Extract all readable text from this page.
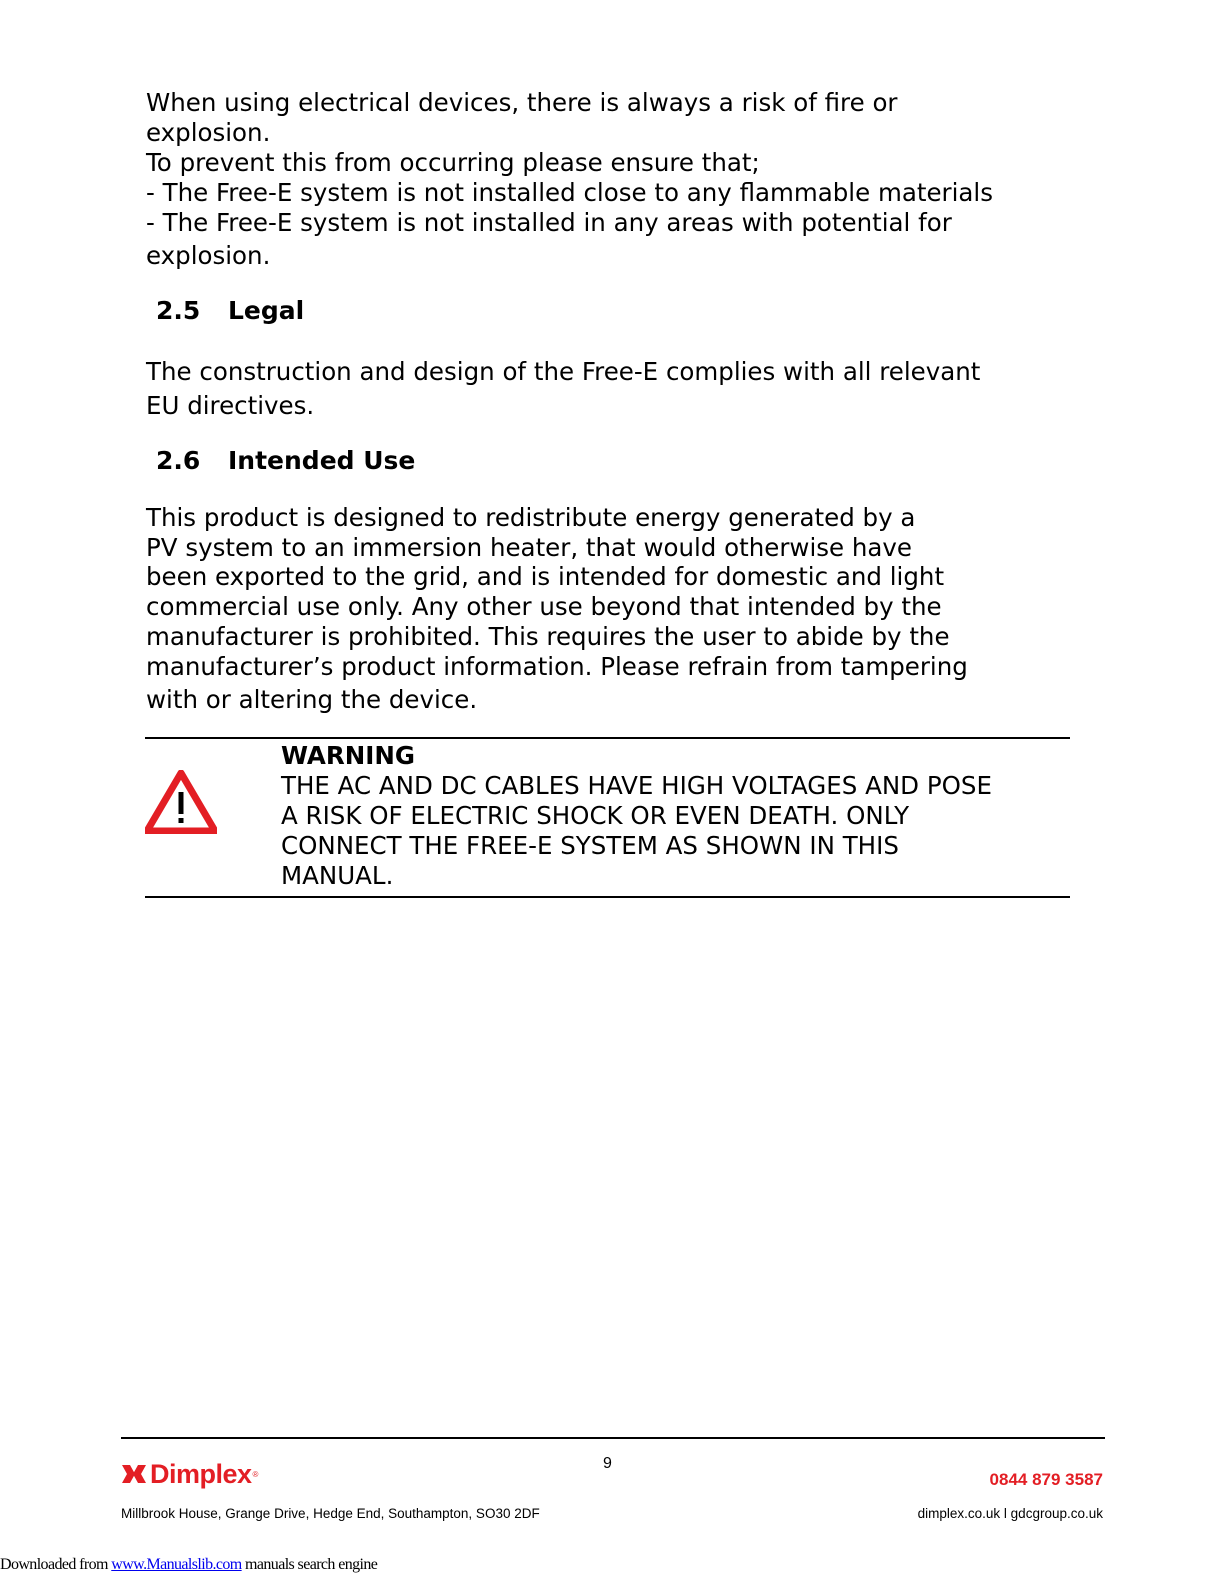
When using electrical devices, there is always a risk of fire or

explosion.

To prevent this from occurring please ensure that;

- The Free-E system is not installed close to any flammable materials

- The Free-E system is not installed in any areas with potential for

explosion.

2.5 Legal

The construction and design of the Free-E complies with all relevant

EU directives.

2.6 Intended Use

This product is designed to redistribute energy generated by a

PV system to an immersion heater, that would otherwise have

been exported to the grid, and is intended for domestic and light

commercial use only. Any other use beyond that intended by the

manufacturer is prohibited. This requires the user to abide by the

manufacturer’s product information. Please refrain from tampering

with or altering the device.

WARNING
THE AC AND DC CABLES HAVE HIGH VOLTAGES AND POSE
A RISK OF ELECTRIC SHOCK OR EVEN DEATH. ONLY
CONNECT THE FREE-E SYSTEM AS SHOWN IN THIS
MANUAL.
Dimplex ®
9
0844 879 3587
Millbrook House, Grange Drive, Hedge End, Southampton, SO30 2DF	dimplex.co.uk l gdcgroup.co.uk
Downloaded from www.Manualslib.com manuals search engine
